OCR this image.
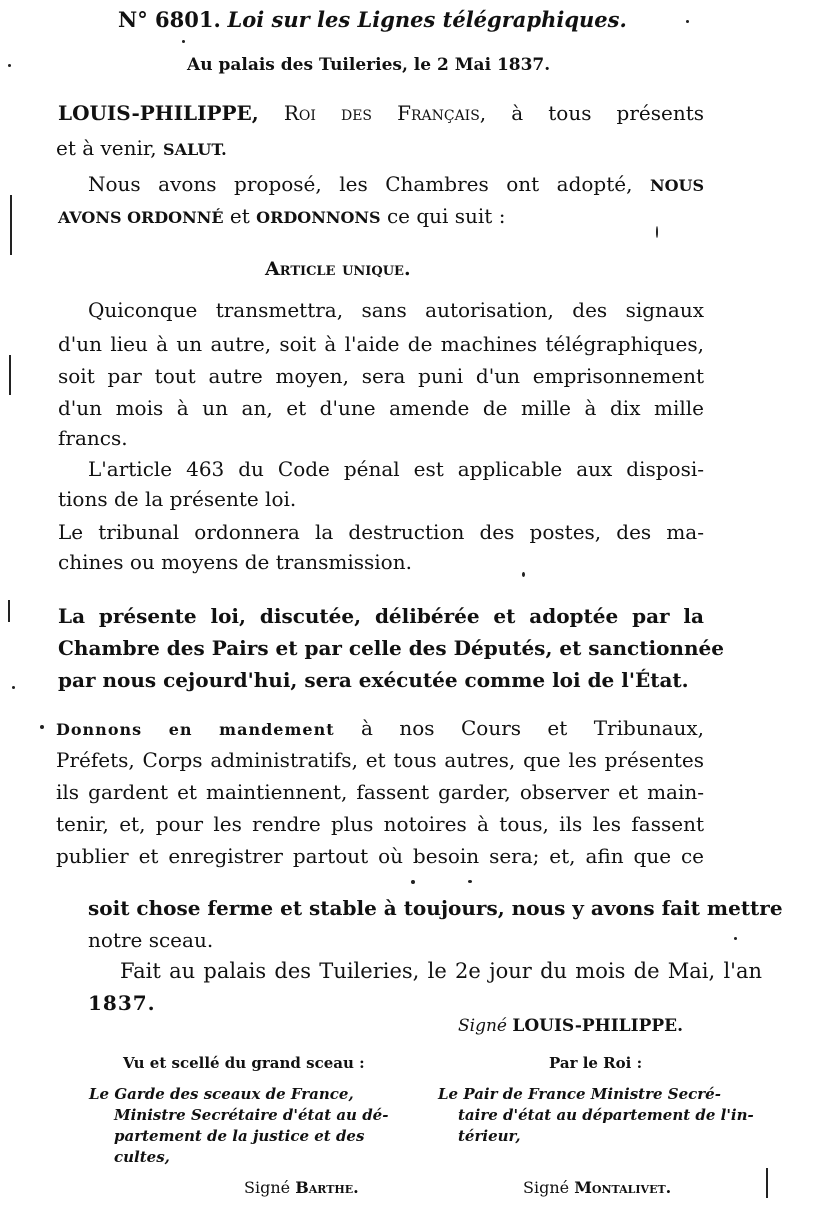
N° 6801. Loi sur les Lignes télégraphiques.
Au palais des Tuileries, le 2 Mai 1837.
LOUIS-PHILIPPE, Roi des Français, à tous présents
et à venir, SALUT.
Nous avons proposé, les Chambres ont adopté, NOUS
AVONS ORDONNÉ et ORDONNONS ce qui suit :
Article unique.
Quiconque transmettra, sans autorisation, des signaux
d'un lieu à un autre, soit à l'aide de machines télégraphiques,
soit par tout autre moyen, sera puni d'un emprisonnement
d'un mois à un an, et d'une amende de mille à dix mille
francs.
L'article 463 du Code pénal est applicable aux disposi-
tions de la présente loi.
Le tribunal ordonnera la destruction des postes, des ma-
chines ou moyens de transmission.
La présente loi, discutée, délibérée et adoptée par la
Chambre des Pairs et par celle des Députés, et sanctionnée
par nous cejourd'hui, sera exécutée comme loi de l'État.
Donnons en mandement à nos Cours et Tribunaux,
Préfets, Corps administratifs, et tous autres, que les présentes
ils gardent et maintiennent, fassent garder, observer et main-
tenir, et, pour les rendre plus notoires à tous, ils les fassent
publier et enregistrer partout où besoin sera; et, afin que ce
soit chose ferme et stable à toujours, nous y avons fait mettre
notre sceau.
Fait au palais des Tuileries, le 2e jour du mois de Mai, l'an
1837.
Signé LOUIS-PHILIPPE.
Vu et scellé du grand sceau :
Le Garde des sceaux de France,
Ministre Secrétaire d'état au dé-
partement de la justice et des
cultes,
Signé Barthe.
Par le Roi :
Le Pair de France Ministre Secré-
taire d'état au département de l'in-
térieur,
Signé Montalivet.
